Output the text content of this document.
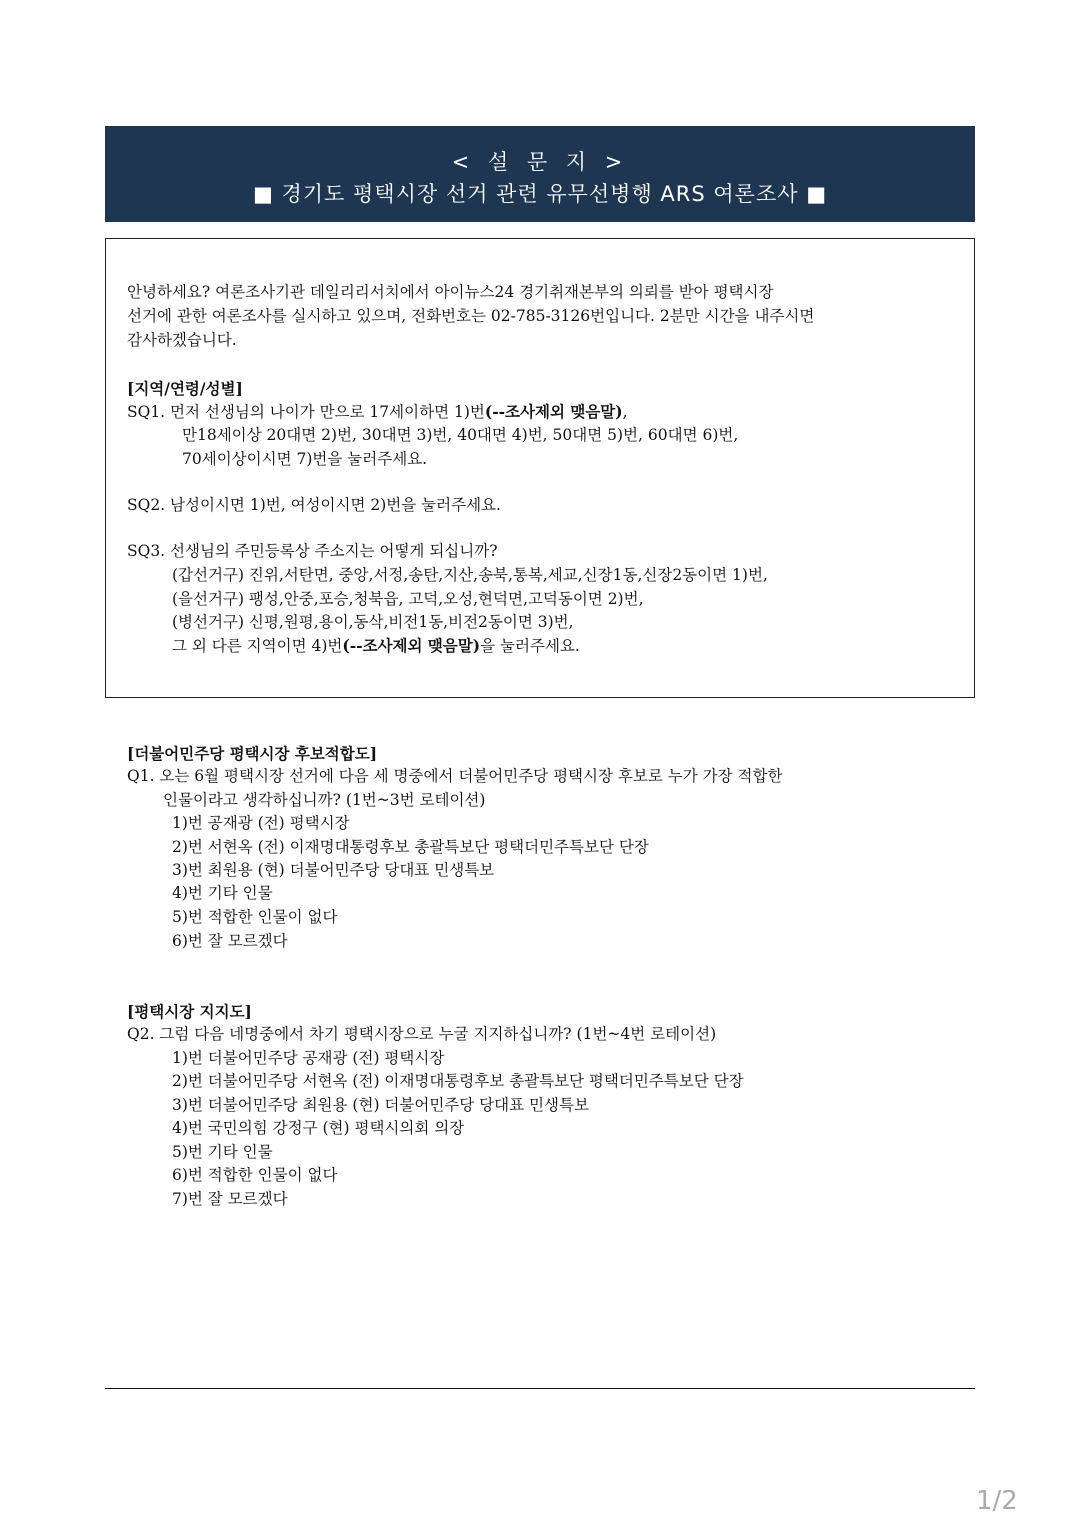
< 설 문 지 >
■ 경기도 평택시장 선거 관련 유무선병행 ARS 여론조사 ■
안녕하세요? 여론조사기관 데일리리서치에서 아이뉴스24 경기취재본부의 의뢰를 받아 평택시장
선거에 관한 여론조사를 실시하고 있으며, 전화번호는 02-785-3126번입니다. 2분만 시간을 내주시면
감사하겠습니다.
[지역/연령/성별]
SQ1. 먼저 선생님의 나이가 만으로 17세이하면 1)번(--조사제외 맺음말),
만18세이상 20대면 2)번, 30대면 3)번, 40대면 4)번, 50대면 5)번, 60대면 6)번,
70세이상이시면 7)번을 눌러주세요.
SQ2. 남성이시면 1)번, 여성이시면 2)번을 눌러주세요.
SQ3. 선생님의 주민등록상 주소지는 어떻게 되십니까?
(갑선거구) 진위,서탄면, 중앙,서정,송탄,지산,송북,통복,세교,신장1동,신장2동이면 1)번,
(을선거구) 팽성,안중,포승,청북읍, 고덕,오성,현덕면,고덕동이면 2)번,
(병선거구) 신평,원평,용이,동삭,비전1동,비전2동이면 3)번,
그 외 다른 지역이면 4)번(--조사제외 맺음말)을 눌러주세요.
[더불어민주당 평택시장 후보적합도]
Q1. 오는 6월 평택시장 선거에 다음 세 명중에서 더불어민주당 평택시장 후보로 누가 가장 적합한
인물이라고 생각하십니까? (1번~3번 로테이션)
1)번 공재광 (전) 평택시장
2)번 서현옥 (전) 이재명대통령후보 총괄특보단 평택더민주특보단 단장
3)번 최원용 (현) 더불어민주당 당대표 민생특보
4)번 기타 인물
5)번 적합한 인물이 없다
6)번 잘 모르겠다
[평택시장 지지도]
Q2. 그럼 다음 네명중에서 차기 평택시장으로 누굴 지지하십니까? (1번~4번 로테이션)
1)번 더불어민주당 공재광 (전) 평택시장
2)번 더불어민주당 서현옥 (전) 이재명대통령후보 총괄특보단 평택더민주특보단 단장
3)번 더불어민주당 최원용 (현) 더불어민주당 당대표 민생특보
4)번 국민의힘 강정구 (현) 평택시의회 의장
5)번 기타 인물
6)번 적합한 인물이 없다
7)번 잘 모르겠다
1/2
